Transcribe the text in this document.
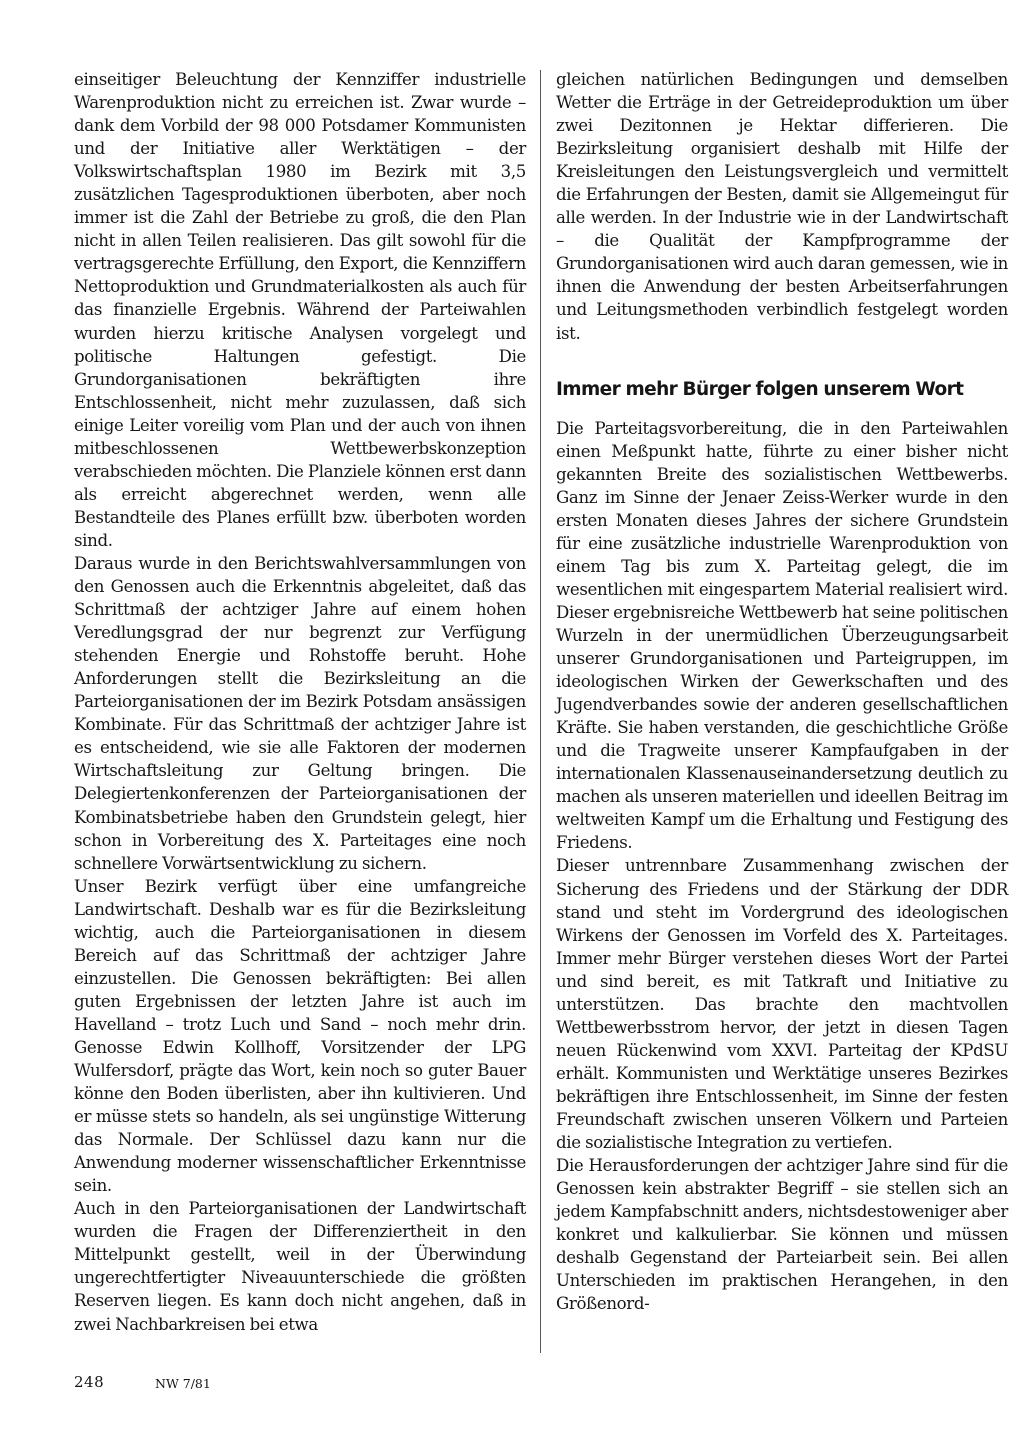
einseitiger Beleuchtung der Kennziffer industrielle Warenproduktion nicht zu erreichen ist. Zwar wurde – dank dem Vorbild der 98 000 Potsdamer Kommunisten und der Initiative aller Werktätigen – der Volkswirtschaftsplan 1980 im Bezirk mit 3,5 zusätzlichen Tagesproduktionen überboten, aber noch immer ist die Zahl der Betriebe zu groß, die den Plan nicht in allen Teilen realisieren. Das gilt sowohl für die vertragsgerechte Erfüllung, den Export, die Kennziffern Nettoproduktion und Grundmaterialkosten als auch für das finanzielle Ergebnis. Während der Parteiwahlen wurden hierzu kritische Analysen vorgelegt und politische Haltungen gefestigt. Die Grundorganisationen bekräftigten ihre Entschlossenheit, nicht mehr zuzulassen, daß sich einige Leiter voreilig vom Plan und der auch von ihnen mitbeschlossenen Wettbewerbskonzeption verabschieden möchten. Die Planziele können erst dann als erreicht abgerechnet werden, wenn alle Bestandteile des Planes erfüllt bzw. überboten worden sind.

Daraus wurde in den Berichtswahlversammlungen von den Genossen auch die Erkenntnis abgeleitet, daß das Schrittmaß der achtziger Jahre auf einem hohen Veredlungsgrad der nur begrenzt zur Verfügung stehenden Energie und Rohstoffe beruht. Hohe Anforderungen stellt die Bezirksleitung an die Parteiorganisationen der im Bezirk Potsdam ansässigen Kombinate. Für das Schrittmaß der achtziger Jahre ist es entscheidend, wie sie alle Faktoren der modernen Wirtschaftsleitung zur Geltung bringen. Die Delegiertenkonferenzen der Parteiorganisationen der Kombinatsbetriebe haben den Grundstein gelegt, hier schon in Vorbereitung des X. Parteitages eine noch schnellere Vorwärtsentwicklung zu sichern.

Unser Bezirk verfügt über eine umfangreiche Landwirtschaft. Deshalb war es für die Bezirksleitung wichtig, auch die Parteiorganisationen in diesem Bereich auf das Schrittmaß der achtziger Jahre einzustellen. Die Genossen bekräftigten: Bei allen guten Ergebnissen der letzten Jahre ist auch im Havelland – trotz Luch und Sand – noch mehr drin. Genosse Edwin Kollhoff, Vorsitzender der LPG Wulfersdorf, prägte das Wort, kein noch so guter Bauer könne den Boden überlisten, aber ihn kultivieren. Und er müsse stets so handeln, als sei ungünstige Witterung das Normale. Der Schlüssel dazu kann nur die Anwendung moderner wissenschaftlicher Erkenntnisse sein.

Auch in den Parteiorganisationen der Landwirtschaft wurden die Fragen der Differenziertheit in den Mittelpunkt gestellt, weil in der Überwindung ungerechtfertigter Niveauunterschiede die größten Reserven liegen. Es kann doch nicht angehen, daß in zwei Nachbarkreisen bei etwa

gleichen natürlichen Bedingungen und demselben Wetter die Erträge in der Getreideproduktion um über zwei Dezitonnen je Hektar differieren. Die Bezirksleitung organisiert deshalb mit Hilfe der Kreisleitungen den Leistungsvergleich und vermittelt die Erfahrungen der Besten, damit sie Allgemeingut für alle werden. In der Industrie wie in der Landwirtschaft – die Qualität der Kampfprogramme der Grundorganisationen wird auch daran gemessen, wie in ihnen die Anwendung der besten Arbeitserfahrungen und Leitungsmethoden verbindlich festgelegt worden ist.

Immer mehr Bürger folgen unserem Wort

Die Parteitagsvorbereitung, die in den Parteiwahlen einen Meßpunkt hatte, führte zu einer bisher nicht gekannten Breite des sozialistischen Wettbewerbs. Ganz im Sinne der Jenaer Zeiss-Werker wurde in den ersten Monaten dieses Jahres der sichere Grundstein für eine zusätzliche industrielle Warenproduktion von einem Tag bis zum X. Parteitag gelegt, die im wesentlichen mit eingespartem Material realisiert wird. Dieser ergebnisreiche Wettbewerb hat seine politischen Wurzeln in der unermüdlichen Überzeugungsarbeit unserer Grundorganisationen und Parteigruppen, im ideologischen Wirken der Gewerkschaften und des Jugendverbandes sowie der anderen gesellschaftlichen Kräfte. Sie haben verstanden, die geschichtliche Größe und die Tragweite unserer Kampfaufgaben in der internationalen Klassenauseinandersetzung deutlich zu machen als unseren materiellen und ideellen Beitrag im weltweiten Kampf um die Erhaltung und Festigung des Friedens.

Dieser untrennbare Zusammenhang zwischen der Sicherung des Friedens und der Stärkung der DDR stand und steht im Vordergrund des ideologischen Wirkens der Genossen im Vorfeld des X. Parteitages. Immer mehr Bürger verstehen dieses Wort der Partei und sind bereit, es mit Tatkraft und Initiative zu unterstützen. Das brachte den machtvollen Wettbewerbsstrom hervor, der jetzt in diesen Tagen neuen Rückenwind vom XXVI. Parteitag der KPdSU erhält. Kommunisten und Werktätige unseres Bezirkes bekräftigen ihre Entschlossenheit, im Sinne der festen Freundschaft zwischen unseren Völkern und Parteien die sozialistische Integration zu vertiefen.

Die Herausforderungen der achtziger Jahre sind für die Genossen kein abstrakter Begriff – sie stellen sich an jedem Kampfabschnitt anders, nichtsdestoweniger aber konkret und kalkulierbar. Sie können und müssen deshalb Gegenstand der Parteiarbeit sein. Bei allen Unterschieden im praktischen Herangehen, in den Größenord-

248	NW 7/81
